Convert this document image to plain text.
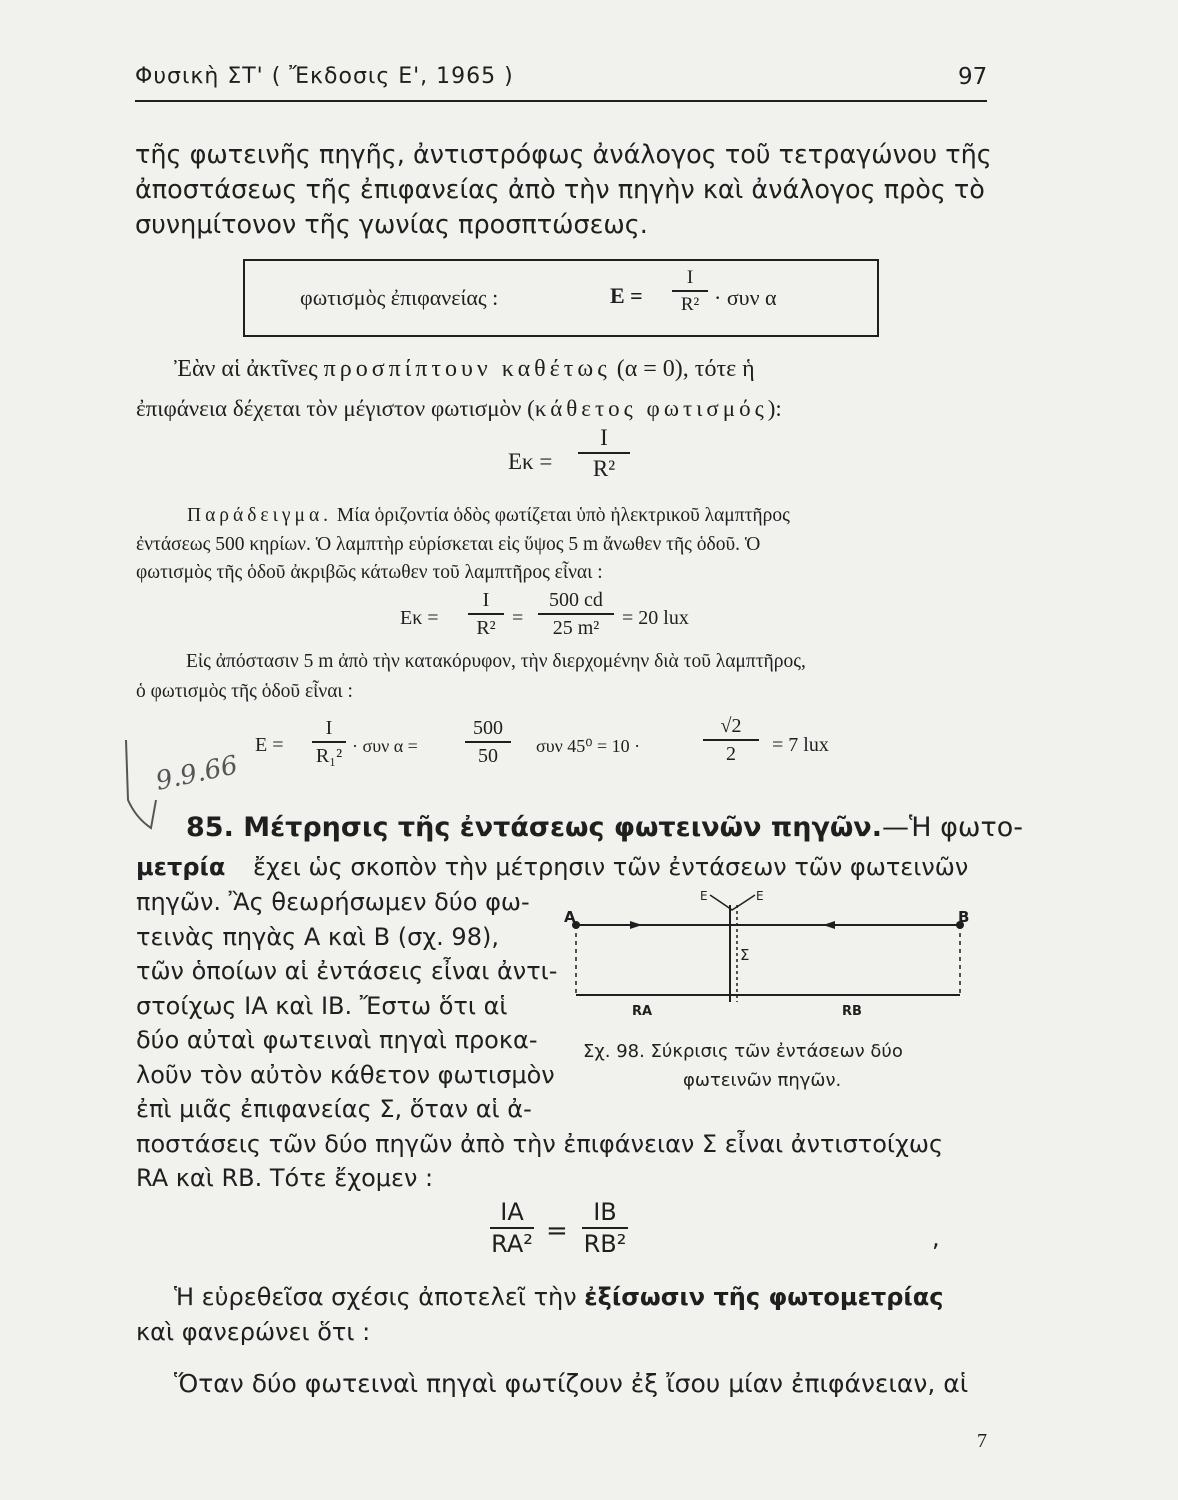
Φυσικὴ ΣΤ' ( Ἔκδοσις Ε', 1965 )	97
τῆς φωτεινῆς πηγῆς, ἀντιστρόφως ἀνάλογος τοῦ τετραγώνου τῆς
ἀποστάσεως τῆς ἐπιφανείας ἀπὸ τὴν πηγὴν καὶ ἀνάλογος πρὸς τὸ
συνημίτονον τῆς γωνίας προσπτώσεως.
φωτισμὸς ἐπιφανείας :	E =
I
R² · συν α
Ἐὰν αἱ ἀκτῖνες προσπίπτουν καθέτως (α = 0), τότε ἡ
ἐπιφάνεια δέχεται τὸν μέγιστον φωτισμὸν (κάθετος φωτισμός):
Eκ =
I
R²
Παράδειγμα. Μία ὁριζοντία ὁδὸς φωτίζεται ὑπὸ ἠλεκτρικοῦ λαμπτῆρος
ἐντάσεως 500 κηρίων. Ὁ λαμπτὴρ εὑρίσκεται εἰς ὕψος 5 m ἄνωθεν τῆς ὁδοῦ. Ὁ
φωτισμὸς τῆς ὁδοῦ ἀκριβῶς κάτωθεν τοῦ λαμπτῆρος εἶναι :
Eκ =
I
R² =
500 cd
25 m²	= 20 lux
Εἰς ἀπόστασιν 5 m ἀπὸ τὴν κατακόρυφον, τὴν διερχομένην διὰ τοῦ λαμπτῆρος,
ὁ φωτισμὸς τῆς ὁδοῦ εἶναι :
E =
I
R₁² · συν α =
500
50	συν 45⁰ = 10 ·
√2
2	= 7 lux
9.9.66
85. Μέτρησις τῆς ἐντάσεως φωτεινῶν πηγῶν.—Ἡ φωτο-
μετρία ἔχει ὡς σκοπὸν τὴν μέτρησιν τῶν ἐντάσεων τῶν φωτεινῶν
πηγῶν. Ἂς θεωρήσωμεν δύο φω-
τεινὰς πηγὰς Α καὶ Β (σχ. 98),
τῶν ὁποίων αἱ ἐντάσεις εἶναι ἀντι-
στοίχως IA καὶ IB. Ἔστω ὅτι αἱ
δύο αὐταὶ φωτειναὶ πηγαὶ προκα-
λοῦν τὸν αὐτὸν κάθετον φωτισμὸν
ἐπὶ μιᾶς ἐπιφανείας Σ, ὅταν αἱ ἀ-
ποστάσεις τῶν δύο πηγῶν ἀπὸ τὴν ἐπιφάνειαν Σ εἶναι ἀντιστοίχως
RA καὶ RB. Τότε ἔχομεν :
IA
RA² =
IB
RB²	,
Ἡ εὑρεθεῖσα σχέσις ἀποτελεῖ τὴν ἐξίσωσιν τῆς φωτομετρίας
καὶ φανερώνει ὅτι :
Ὅταν δύο φωτειναὶ πηγαὶ φωτίζουν ἐξ ἴσου μίαν ἐπιφάνειαν, αἱ
A	B
Σ
RA	RB
E	E
Σχ. 98. Σύκρισις τῶν ἐντάσεων δύο
φωτεινῶν πηγῶν.
7
